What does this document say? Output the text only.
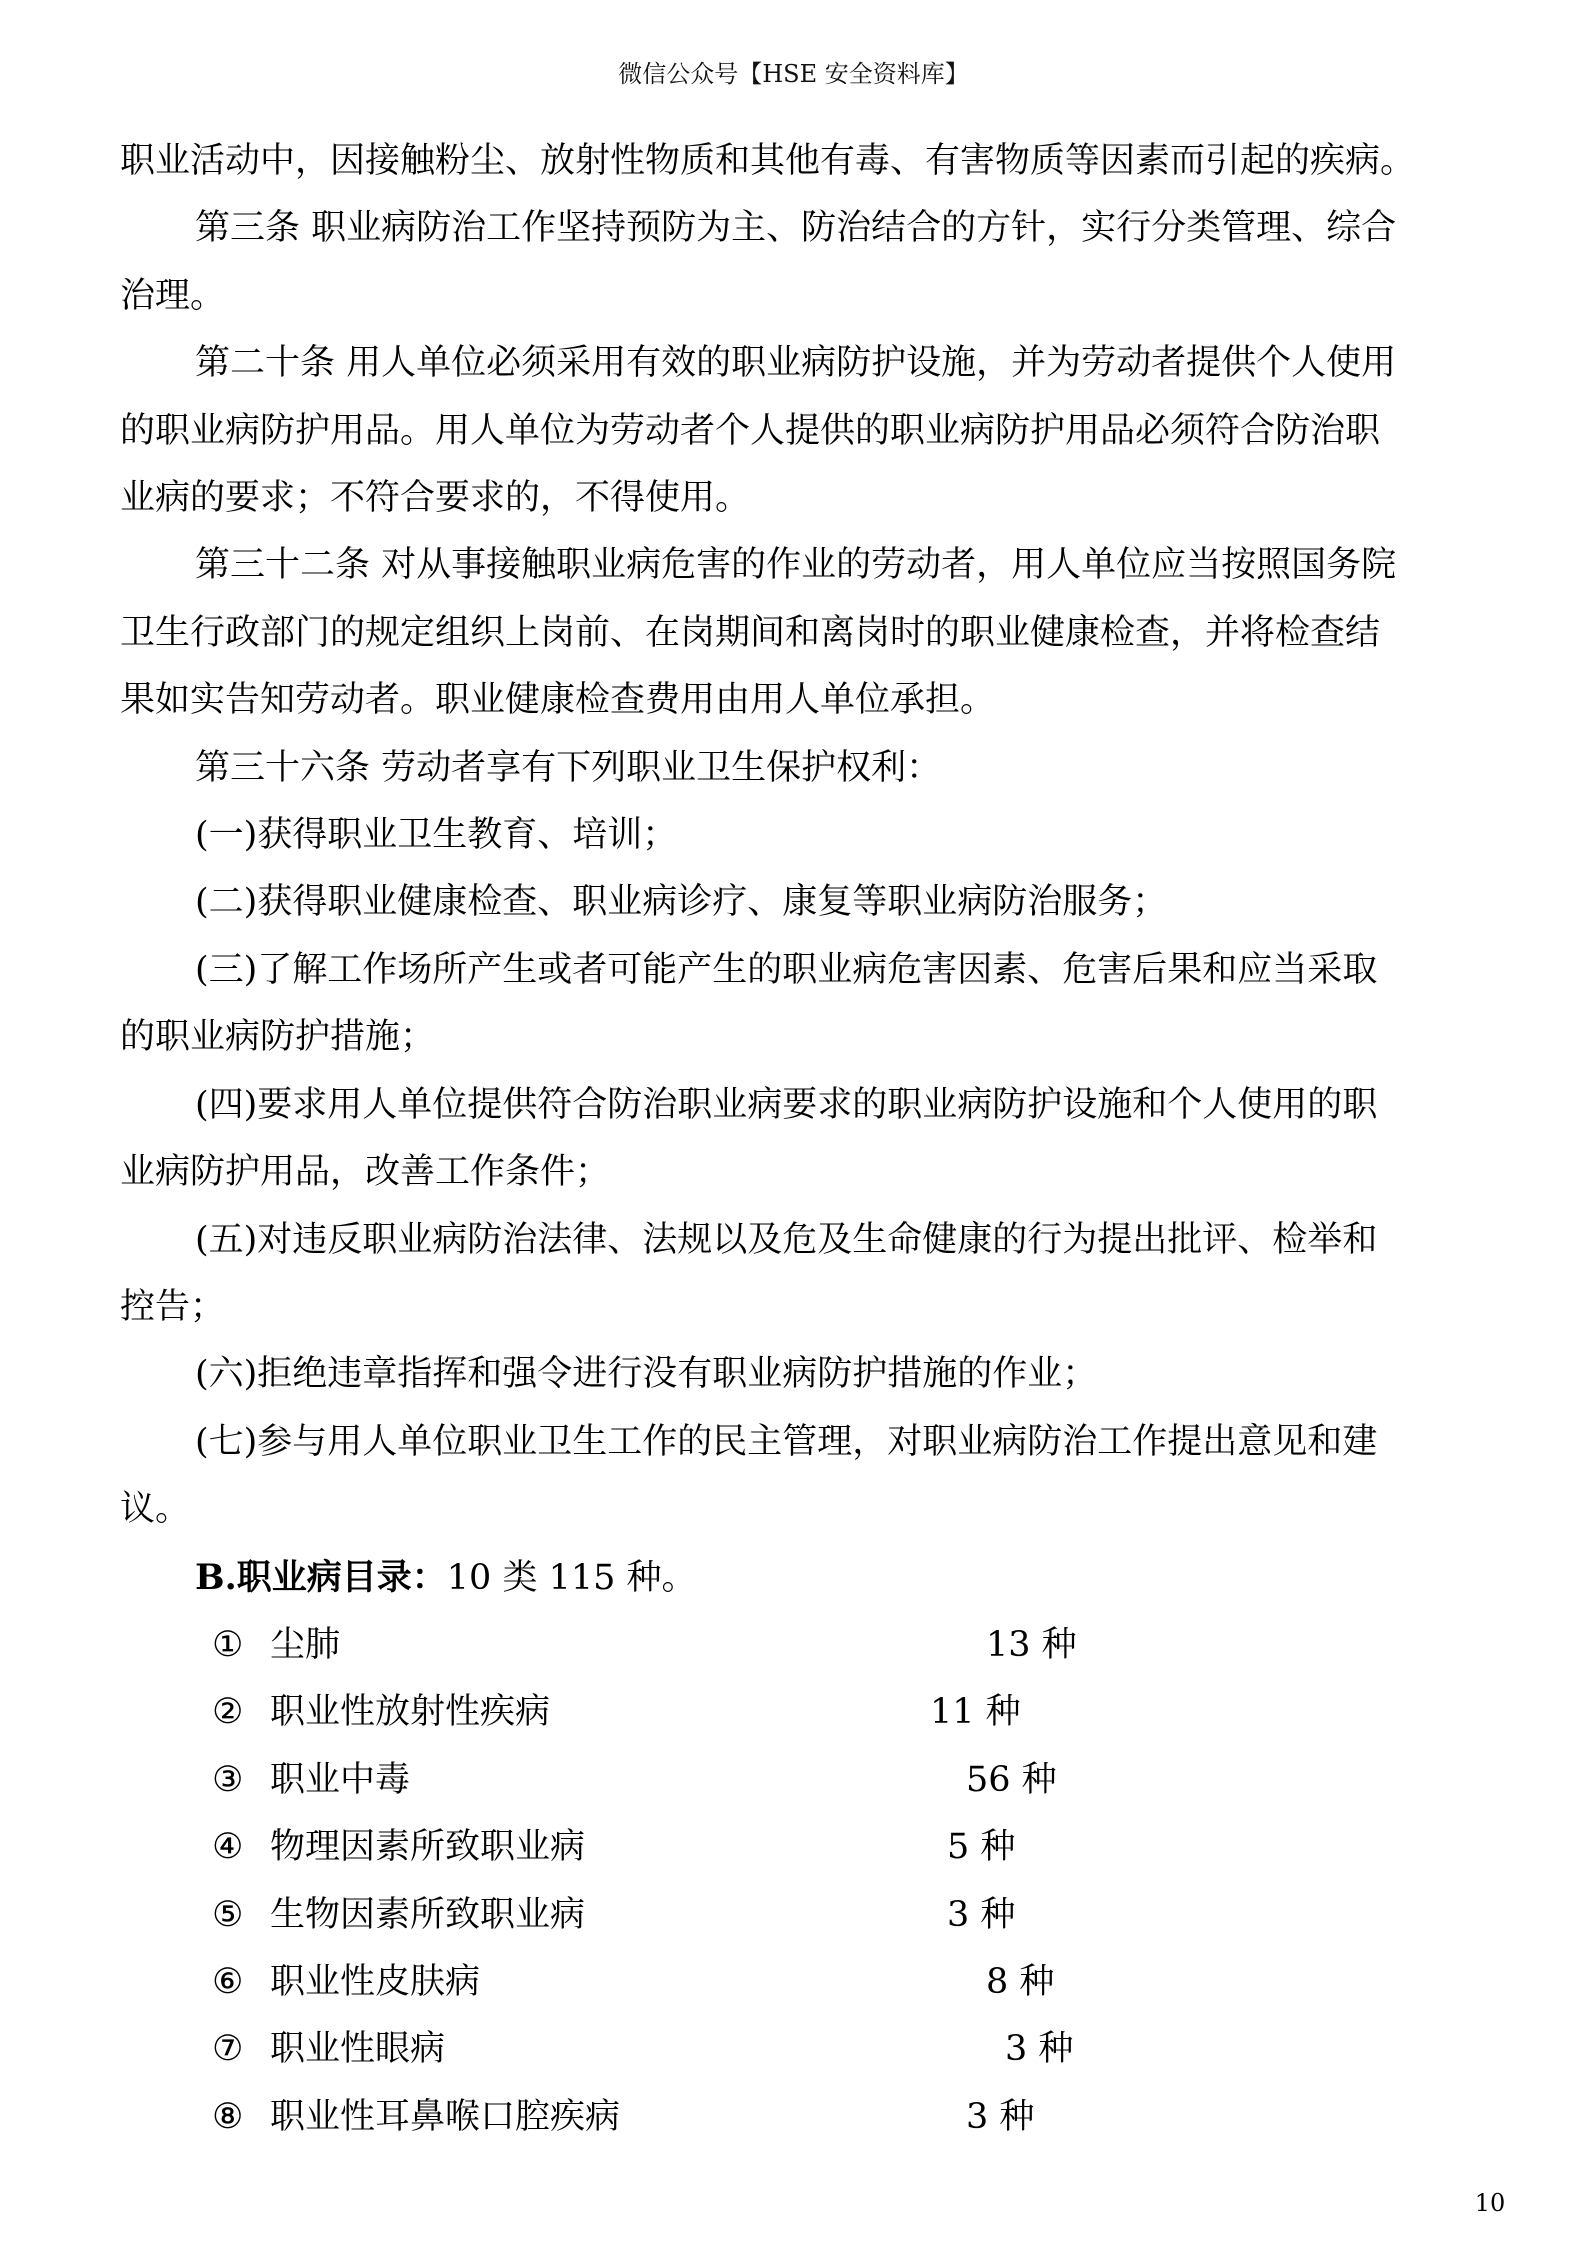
微信公众号【HSE 安全资料库】
职业活动中，因接触粉尘、放射性物质和其他有毒、有害物质等因素而引起的疾病。
第三条 职业病防治工作坚持预防为主、防治结合的方针，实行分类管理、综合
治理。
第二十条 用人单位必须采用有效的职业病防护设施，并为劳动者提供个人使用
的职业病防护用品。用人单位为劳动者个人提供的职业病防护用品必须符合防治职
业病的要求；不符合要求的，不得使用。
第三十二条 对从事接触职业病危害的作业的劳动者，用人单位应当按照国务院
卫生行政部门的规定组织上岗前、在岗期间和离岗时的职业健康检查，并将检查结
果如实告知劳动者。职业健康检查费用由用人单位承担。
第三十六条 劳动者享有下列职业卫生保护权利：
(一)获得职业卫生教育、培训；
(二)获得职业健康检查、职业病诊疗、康复等职业病防治服务；
(三)了解工作场所产生或者可能产生的职业病危害因素、危害后果和应当采取
的职业病防护措施；
(四)要求用人单位提供符合防治职业病要求的职业病防护设施和个人使用的职
业病防护用品，改善工作条件；
(五)对违反职业病防治法律、法规以及危及生命健康的行为提出批评、检举和
控告；
(六)拒绝违章指挥和强令进行没有职业病防护措施的作业；
(七)参与用人单位职业卫生工作的民主管理，对职业病防治工作提出意见和建
议。
B.职业病目录：10 类 115 种。
① 尘肺	13 种
② 职业性放射性疾病	11 种
③ 职业中毒	56 种
④ 物理因素所致职业病	5 种
⑤ 生物因素所致职业病	3 种
⑥ 职业性皮肤病	8 种
⑦ 职业性眼病	3 种
⑧ 职业性耳鼻喉口腔疾病	3 种
10
